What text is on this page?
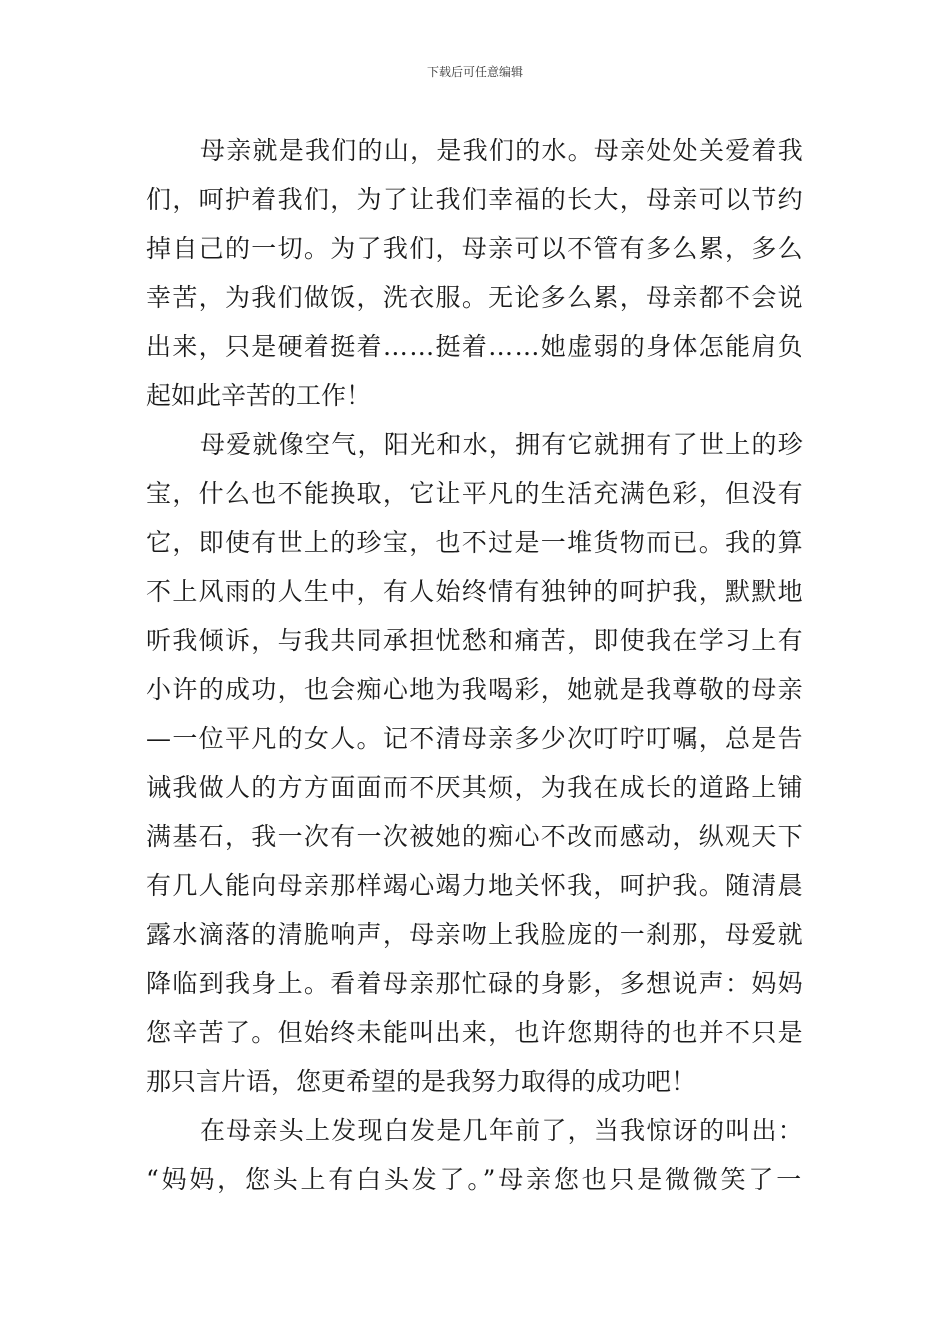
下载后可任意编辑
母亲就是我们的山，是我们的水。母亲处处关爱着我
们，呵护着我们，为了让我们幸福的长大，母亲可以节约
掉自己的一切。为了我们，母亲可以不管有多么累，多么
幸苦，为我们做饭，洗衣服。无论多么累，母亲都不会说
出来，只是硬着挺着……挺着……她虚弱的身体怎能肩负
起如此辛苦的工作！
母爱就像空气，阳光和水，拥有它就拥有了世上的珍
宝，什么也不能换取，它让平凡的生活充满色彩，但没有
它，即使有世上的珍宝，也不过是一堆货物而已。我的算
不上风雨的人生中，有人始终情有独钟的呵护我，默默地
听我倾诉，与我共同承担忧愁和痛苦，即使我在学习上有
小许的成功，也会痴心地为我喝彩，她就是我尊敬的母亲
—一位平凡的女人。记不清母亲多少次叮咛叮嘱，总是告
诫我做人的方方面面而不厌其烦，为我在成长的道路上铺
满基石，我一次有一次被她的痴心不改而感动，纵观天下
有几人能向母亲那样竭心竭力地关怀我，呵护我。随清晨
露水滴落的清脆响声，母亲吻上我脸庞的一刹那，母爱就
降临到我身上。看着母亲那忙碌的身影，多想说声：妈妈
您辛苦了。但始终未能叫出来，也许您期待的也并不只是
那只言片语，您更希望的是我努力取得的成功吧！
在母亲头上发现白发是几年前了，当我惊讶的叫出：
“妈妈，您头上有白头发了。”母亲您也只是微微笑了一
